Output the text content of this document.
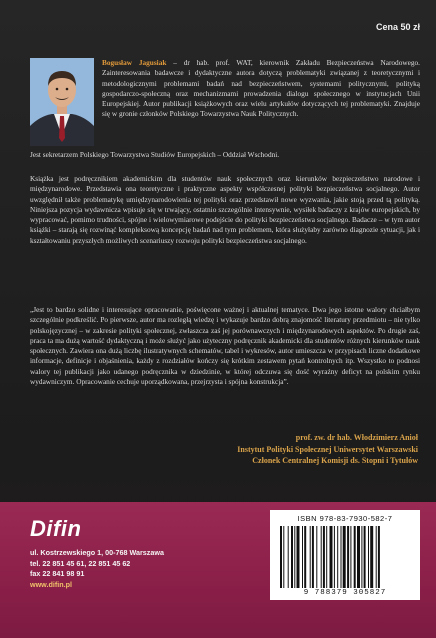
Cena 50 zł
Bogusław Jagusiak – dr hab. prof. WAT, kierownik Zakładu Bezpieczeństwa Narodowego. Zainteresowania badawcze i dydaktyczne autora dotyczą problematyki związanej z teoretycznymi i metodologicznymi problemami badań nad bezpieczeństwem, systemami politycznymi, polityką gospodarczo-społeczną oraz mechanizmami prowadzenia dialogu społecznego w instytucjach Unii Europejskiej. Autor publikacji książkowych oraz wielu artykułów dotyczących tej problematyki. Znajduje się w gronie członków Polskiego Towarzystwa Nauk Politycznych.
Jest sekretarzem Polskiego Towarzystwa Studiów Europejskich – Oddział Wschodni.

Książka jest podręcznikiem akademickim dla studentów nauk społecznych oraz kierunków bezpieczeństwo narodowe i międzynarodowe. Przedstawia ona teoretyczne i praktyczne aspekty współczesnej polityki bezpieczeństwa socjalnego. Autor uwzględnił także problematykę umiędzynarodowienia tej polityki oraz przedstawił nowe wyzwania, jakie stoją przed tą polityką. Niniejsza pozycja wydawnicza wpisuje się w trwający, ostatnio szczególnie intensywnie, wysiłek badaczy z krajów europejskich, by wypracować, pomimo trudności, spójne i wielowymiarowe podejście do polityki bezpieczeństwa socjalnego. Badacze – w tym autor książki – starają się rozwinąć kompleksową koncepcję badań nad tym problemem, która służyłaby zarówno diagnozie sytuacji, jak i kształtowaniu przyszłych możliwych scenariuszy rozwoju polityki bezpieczeństwa socjalnego.

„Jest to bardzo solidne i interesujące opracowanie, poświęcone ważnej i aktualnej tematyce. Dwa jego istotne walory chciałbym szczególnie podkreślić. Po pierwsze, autor ma rozległą wiedzę i wykazuje bardzo dobrą znajomość literatury przedmiotu – nie tylko polskojęzycznej – w zakresie polityki społecznej, zwłaszcza zaś jej porównawczych i międzynarodowych aspektów. Po drugie zaś, praca ta ma dużą wartość dydaktyczną i może służyć jako użyteczny podręcznik akademicki dla studentów różnych kierunków nauk społecznych. Zawiera ona dużą liczbę ilustratywnych schematów, tabel i wykresów, autor umieszcza w przypisach liczne dodatkowe informacje, definicje i objaśnienia, każdy z rozdziałów kończy się krótkim zestawem pytań kontrolnych itp. Wszystko to podnosi walory tej publikacji jako udanego podręcznika w dziedzinie, w której odczuwa się dość wyraźny deficyt na polskim rynku wydawniczym. Opracowanie cechuje uporządkowana, przejrzysta i spójna konstrukcja”.

prof. zw. dr hab. Włodzimierz Anioł
Instytut Polityki Społecznej Uniwersytet Warszawski
Członek Centralnej Komisji ds. Stopni i Tytułów
Difin
ul. Kostrzewskiego 1, 00-768 Warszawa
tel. 22 851 45 61, 22 851 45 62
fax 22 841 98 91
www.difin.pl
ISBN 978-83-7930-582-7
9 788379 305827
